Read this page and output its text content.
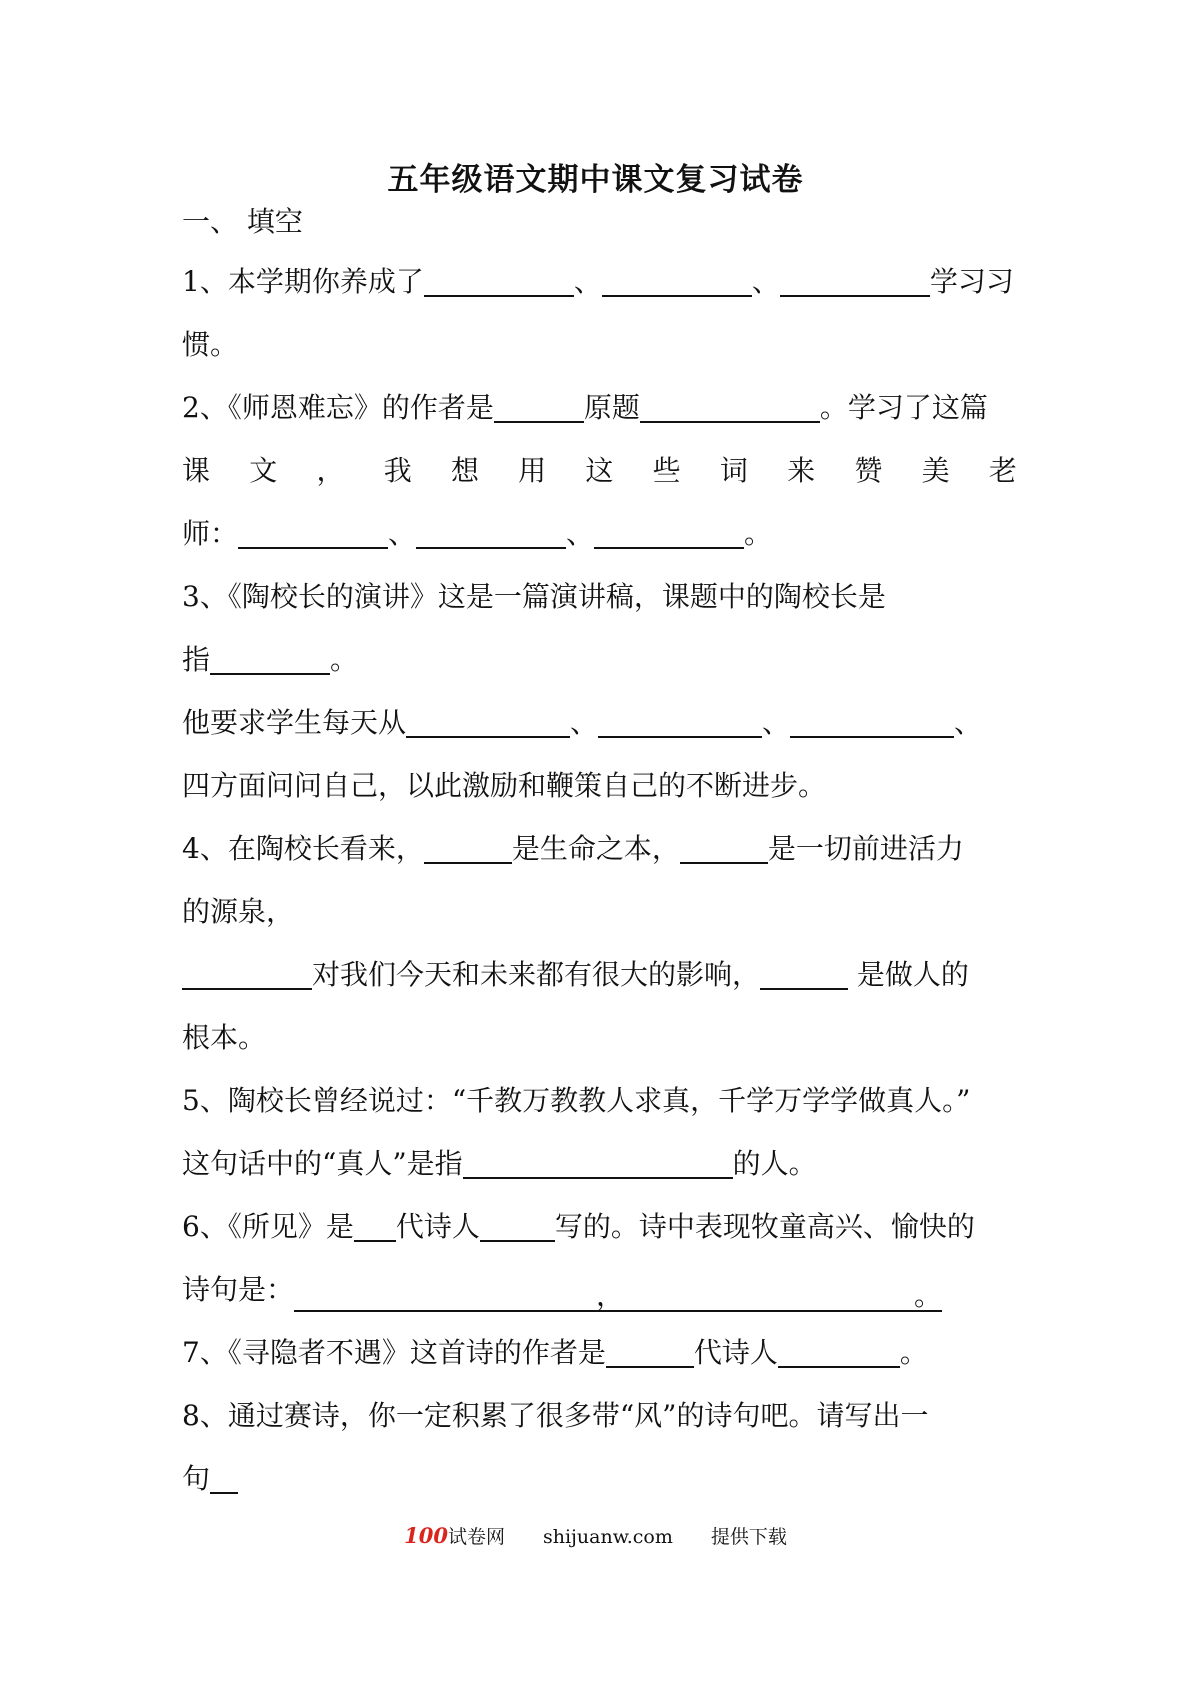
五年级语文期中课文复习试卷
一、 填空
1、本学期你养成了	、	、	学习习
惯。
2、《师恩难忘》的作者是	原题	。学习了这篇
课 文 ， 我 想 用 这 些 词 来 赞 美 老
师：	、	、	。
3、《陶校长的演讲》这是一篇演讲稿，课题中的陶校长是
指	。
他要求学生每天从	、	、	、
四方面问问自己，以此激励和鞭策自己的不断进步。
4、在陶校长看来，	是生命之本，	是一切前进活力
的源泉，
对我们今天和未来都有很大的影响，	是做人的
根本。
5、陶校长曾经说过：“千教万教教人求真，千学万学学做真人。”
这句话中的“真人”是指	的人。
6、《所见》是 代诗人	写的。诗中表现牧童高兴、愉快的
诗句是：	，	。
7、《寻隐者不遇》这首诗的作者是	代诗人	。
8、通过赛诗，你一定积累了很多带“风”的诗句吧。请写出一
句
100试卷网 shijuanw.com 提供下载
